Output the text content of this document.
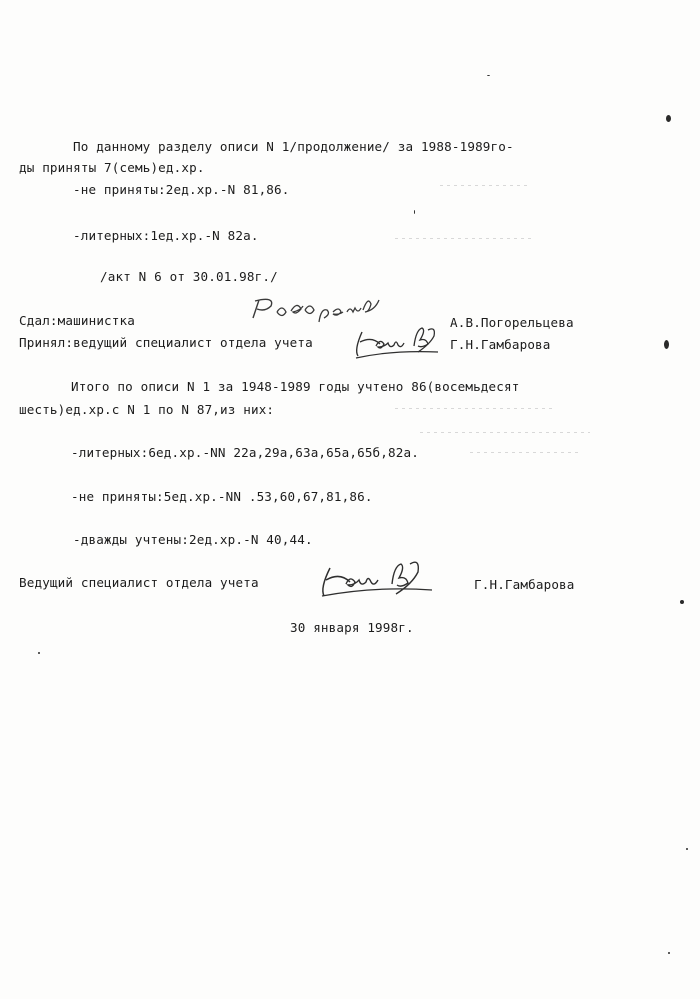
По данному разделу описи N 1/продолжение/ за 1988-1989го-
ды приняты 7(семь)ед.хр.
-не приняты:2ед.хр.-N 81,86.
-литерных:1ед.хр.-N 82а.
/акт N 6 от 30.01.98г./
Сдал:машинистка	А.В.Погорельцева
Принял:ведущий специалист отдела учета	Г.Н.Гамбарова
Итого по описи N 1 за 1948-1989 годы учтено 86(восемьдесят
шесть)ед.хр.с N 1 по N 87,из них:
-литерных:6ед.хр.-NN 22а,29а,63а,65а,65б,82а.
-не приняты:5ед.хр.-NN .53,60,67,81,86.
-дважды учтены:2ед.хр.-N 40,44.
Ведущий специалист отдела учета	Г.Н.Гамбарова
30 января 1998г.
